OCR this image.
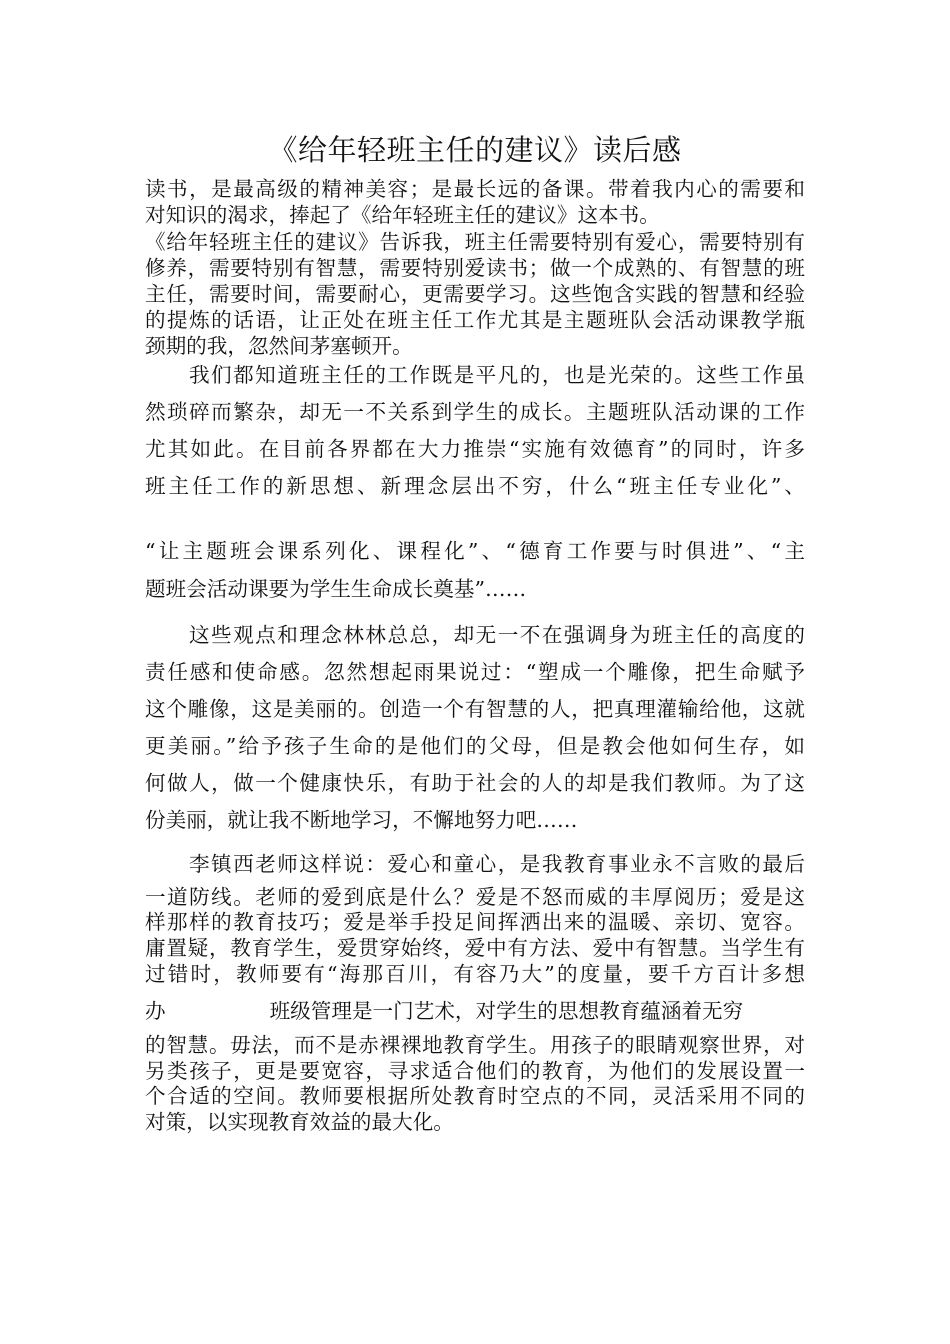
《给年轻班主任的建议》读后感
读书，是最高级的精神美容；是最长远的备课。带着我内心的需要和
对知识的渴求，捧起了《给年轻班主任的建议》这本书。
《给年轻班主任的建议》告诉我，班主任需要特别有爱心，需要特别有
修养，需要特别有智慧，需要特别爱读书；做一个成熟的、有智慧的班
主任，需要时间，需要耐心，更需要学习。这些饱含实践的智慧和经验
的提炼的话语，让正处在班主任工作尤其是主题班队会活动课教学瓶
颈期的我，忽然间茅塞顿开。
我们都知道班主任的工作既是平凡的，也是光荣的。这些工作虽
然琐碎而繁杂，却无一不关系到学生的成长。主题班队活动课的工作
尤其如此。在目前各界都在大力推崇“实施有效德育”的同时，许多
班主任工作的新思想、新理念层出不穷，什么“班主任专业化”、
“让主题班会课系列化、课程化”、“德育工作要与时俱进”、“主
题班会活动课要为学生生命成长奠基”……
这些观点和理念林林总总，却无一不在强调身为班主任的高度的
责任感和使命感。忽然想起雨果说过：“塑成一个雕像，把生命赋予
这个雕像，这是美丽的。创造一个有智慧的人，把真理灌输给他，这就
更美丽。”给予孩子生命的是他们的父母，但是教会他如何生存，如
何做人，做一个健康快乐，有助于社会的人的却是我们教师。为了这
份美丽，就让我不断地学习，不懈地努力吧……
李镇西老师这样说：爱心和童心，是我教育事业永不言败的最后
一道防线。老师的爱到底是什么？爱是不怒而威的丰厚阅历；爱是这
样那样的教育技巧；爱是举手投足间挥洒出来的温暖、亲切、宽容。
庸置疑，教育学生，爱贯穿始终，爱中有方法、爱中有智慧。当学生有
过错时，教师要有“海那百川，有容乃大”的度量，要千方百计多想
办	班级管理是一门艺术，对学生的思想教育蕴涵着无穷
的智慧。毋法，而不是赤裸裸地教育学生。用孩子的眼睛观察世界，对
另类孩子，更是要宽容，寻求适合他们的教育，为他们的发展设置一
个合适的空间。教师要根据所处教育时空点的不同，灵活采用不同的
对策，以实现教育效益的最大化。
